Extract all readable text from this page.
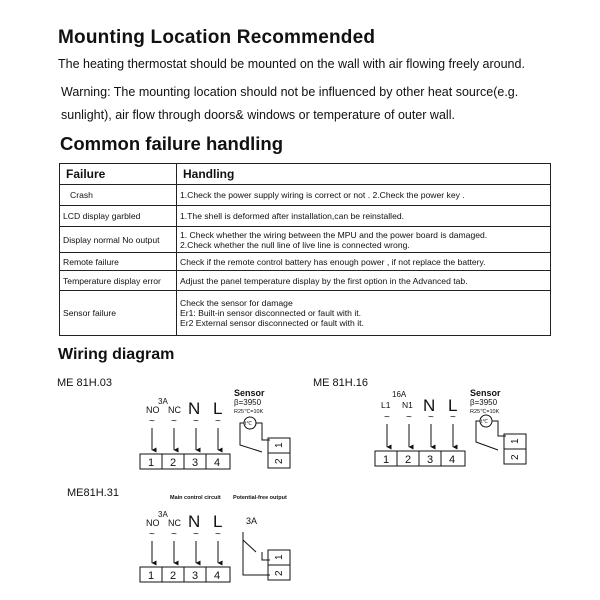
Mounting Location Recommended
The heating thermostat should be mounted on the wall with air flowing freely around.
Warning: The mounting location should not be influenced by other heat source(e.g. sunlight), air flow through doors& windows or temperature of outer wall.
Common failure handling
Failure	Handling
Crash	1.Check the power supply wiring is correct or not . 2.Check the power key .

LCD display garbled	1.The shell is deformed after installation,can be reinstalled.

Display normal No output	1. Check whether the wiring between the MPU and the power board is damaged.
2.Check whether the null line of live line is connected wrong.

Remote failure	Check if the remote control battery has enough power , if not replace the battery.

Temperature display error	Adjust the panel temperature display by the first option in the Advanced tab.

Sensor failure	Check the sensor for damage
Er1: Built-in sensor disconnected or fault with it.
Er2 External sensor disconnected or fault with it.
Wiring diagram
ME 81H.03
3A
NO NC N L
~ ~ ~ ~
1 2 3 4
Sensor
β=3950
R25℃=10K
t℃
1
2
ME 81H.16
16A
L1 N1 N L
~ ~ ~ ~
1 2 3 4
Sensor
β=3950
R25℃=10K
t℃
1
2
ME81H.31	Main control circuit Potential-free output
3A
NO NC N L
~ ~ ~ ~
1 2 3 4
3A
1
2
